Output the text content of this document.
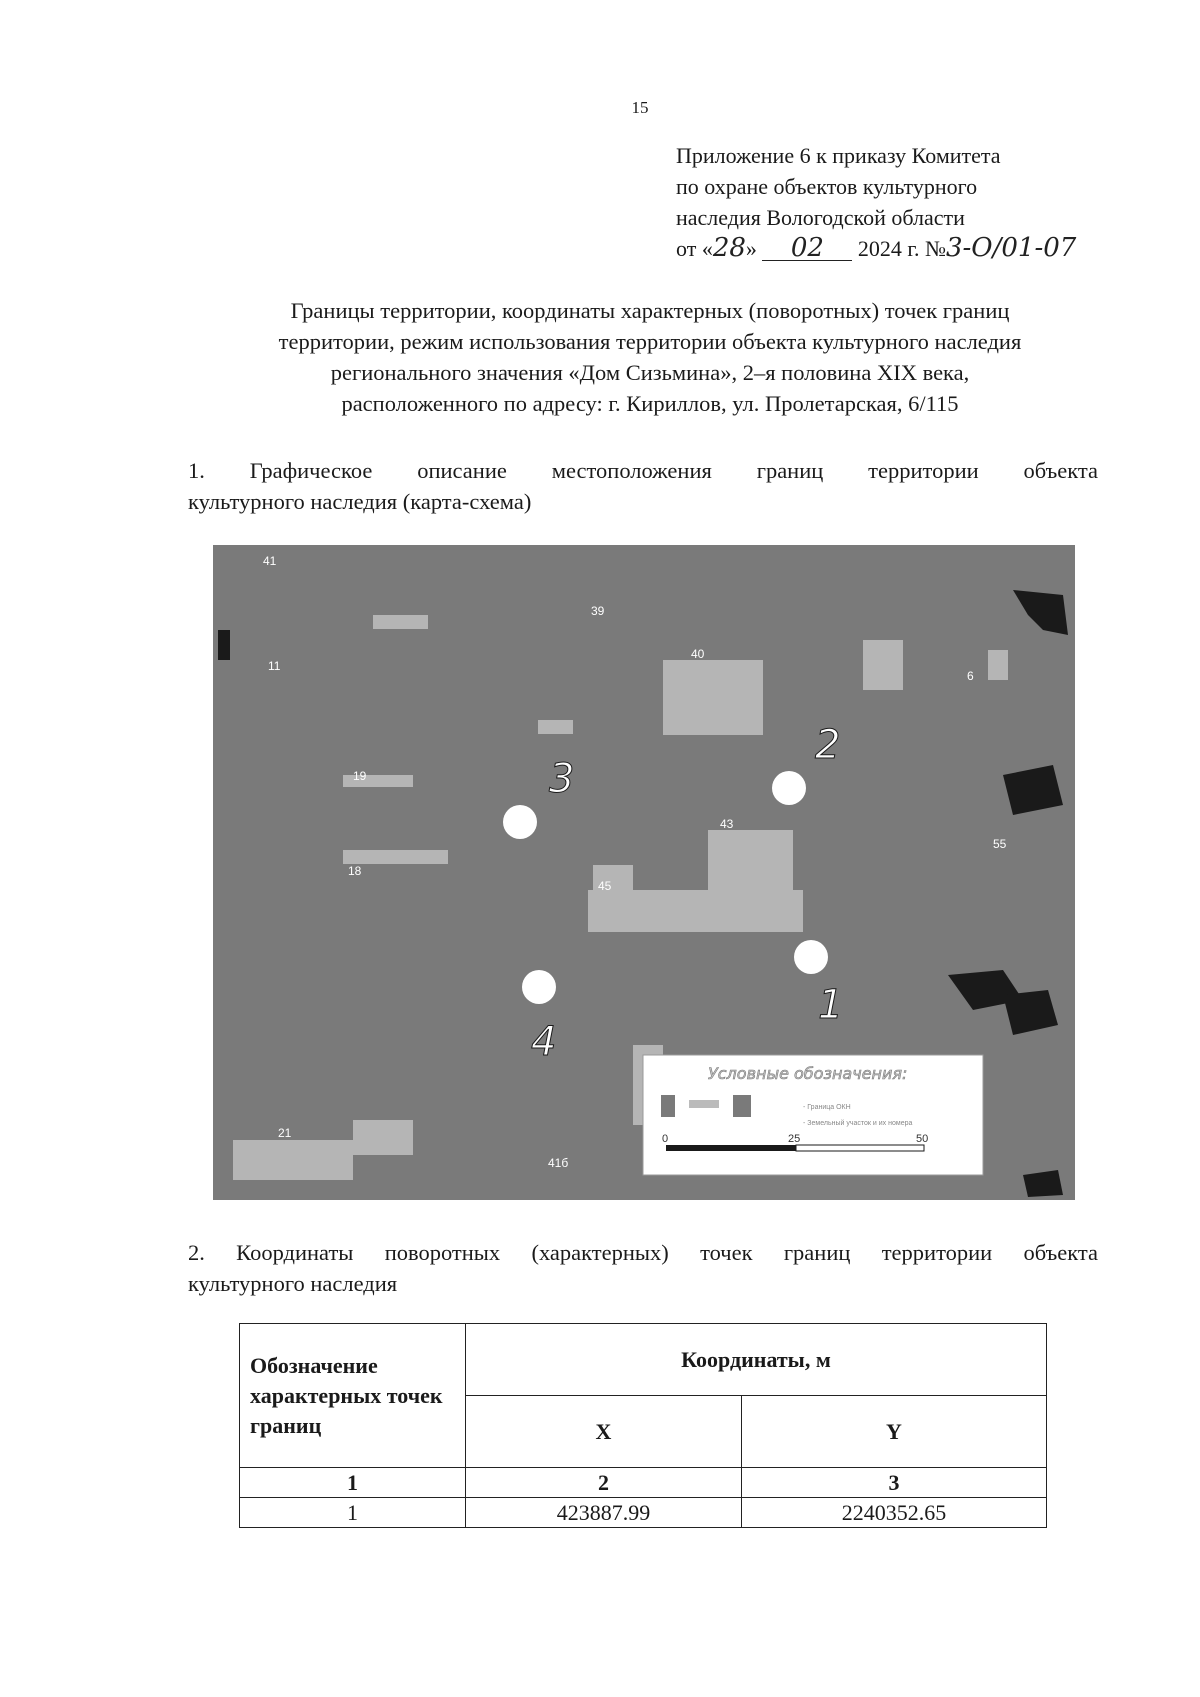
15
Приложение 6 к приказу Комитета
по охране объектов культурного
наследия Вологодской области
от «28» 02 2024 г. №3-О/01-07
Границы территории, координаты характерных (поворотных) точек границ
территории, режим использования территории объекта культурного наследия
регионального значения «Дом Сизьмина», 2–я половина XIX века,
расположенного по адресу: г. Кириллов, ул. Пролетарская, 6/115
1. Графическое описание местоположения границ территории объекта
культурного наследия (карта-схема)
39
40
11
19
18
43
45
55
21
41
6
41б
1
2
3
4
Условные обозначения:
- Граница ОКН
- Земельный участок и их номера
0	25	50
2. Координаты поворотных (характерных) точек границ территории объекта
культурного наследия
Обозначение характерных точек границ	Координаты, м	
	X	Y
1	2	3
1	423887.99	2240352.65
